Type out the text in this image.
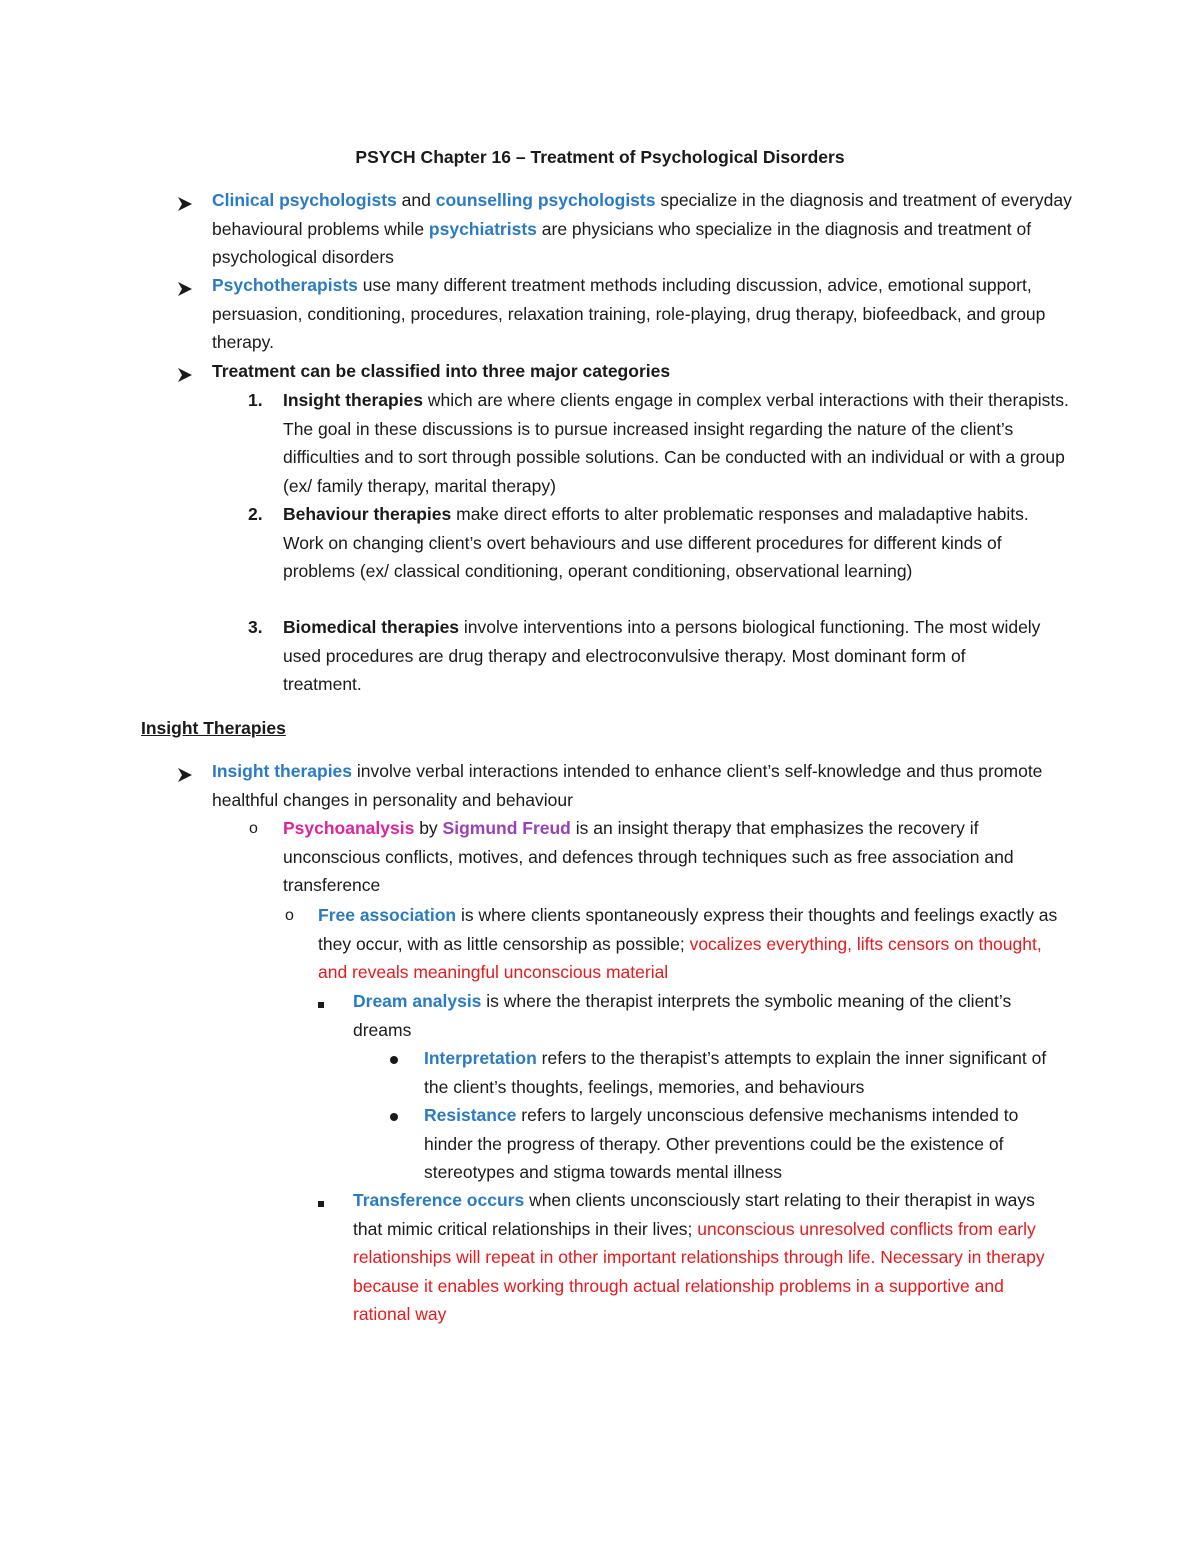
PSYCH Chapter 16 – Treatment of Psychological Disorders
Clinical psychologists and counselling psychologists specialize in the diagnosis and treatment of everyday behavioural problems while psychiatrists are physicians who specialize in the diagnosis and treatment of psychological disorders
Psychotherapists use many different treatment methods including discussion, advice, emotional support, persuasion, conditioning, procedures, relaxation training, role-playing, drug therapy, biofeedback, and group therapy.
Treatment can be classified into three major categories
1. Insight therapies which are where clients engage in complex verbal interactions with their therapists. The goal in these discussions is to pursue increased insight regarding the nature of the client’s difficulties and to sort through possible solutions. Can be conducted with an individual or with a group (ex/ family therapy, marital therapy)
2. Behaviour therapies make direct efforts to alter problematic responses and maladaptive habits. Work on changing client’s overt behaviours and use different procedures for different kinds of problems (ex/ classical conditioning, operant conditioning, observational learning)
3. Biomedical therapies involve interventions into a persons biological functioning. The most widely used procedures are drug therapy and electroconvulsive therapy. Most dominant form of treatment.
Insight Therapies
Insight therapies involve verbal interactions intended to enhance client’s self-knowledge and thus promote healthful changes in personality and behaviour
o Psychoanalysis by Sigmund Freud is an insight therapy that emphasizes the recovery if unconscious conflicts, motives, and defences through techniques such as free association and transference
o Free association is where clients spontaneously express their thoughts and feelings exactly as they occur, with as little censorship as possible; vocalizes everything, lifts censors on thought, and reveals meaningful unconscious material
Dream analysis is where the therapist interprets the symbolic meaning of the client’s dreams
Interpretation refers to the therapist’s attempts to explain the inner significant of the client’s thoughts, feelings, memories, and behaviours
Resistance refers to largely unconscious defensive mechanisms intended to hinder the progress of therapy. Other preventions could be the existence of stereotypes and stigma towards mental illness
Transference occurs when clients unconsciously start relating to their therapist in ways that mimic critical relationships in their lives; unconscious unresolved conflicts from early relationships will repeat in other important relationships through life. Necessary in therapy because it enables working through actual relationship problems in a supportive and rational way
